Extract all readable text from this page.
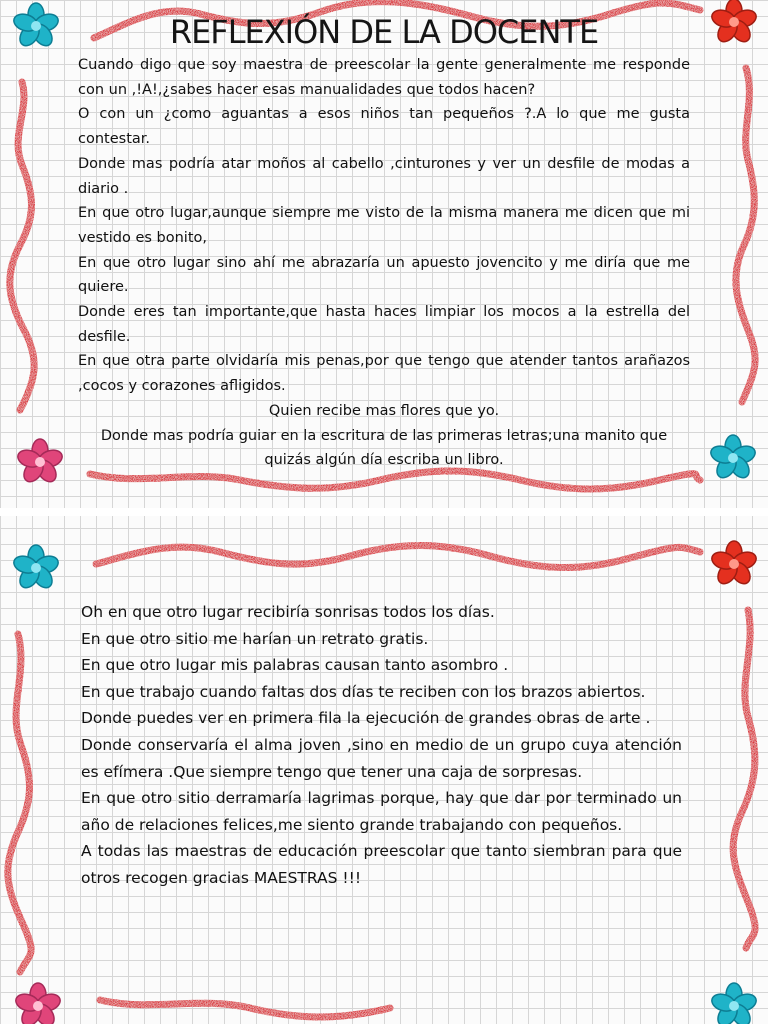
REFLEXIÓN DE LA DOCENTE

Cuando digo que soy maestra de preescolar la gente generalmente me responde con un ,!A!,¿sabes hacer esas manualidades que todos hacen?

O con un ¿como aguantas a esos niños tan pequeños ?.A lo que me gusta contestar.

Donde mas podría atar moños al cabello ,cinturones y ver un desfile de modas a diario .

En que otro lugar,aunque siempre me visto de la misma manera me dicen que mi vestido es bonito,

En que otro lugar sino ahí me abrazaría un apuesto jovencito y me diría que me quiere.

Donde eres tan importante,que hasta haces limpiar los mocos a la estrella del desfile.

En que otra parte olvidaría mis penas,por que tengo que atender tantos arañazos ,cocos y corazones afligidos.

Quien recibe mas flores que yo.

Donde mas podría guiar en la escritura de las primeras letras;una manito que quizás algún día escriba un libro.

Oh en que otro lugar recibiría sonrisas todos los días.

En que otro sitio me harían un retrato gratis.

En que otro lugar mis palabras causan tanto asombro .

En que trabajo cuando faltas dos días te reciben con los brazos abiertos.

Donde puedes ver en primera fila la ejecución de grandes obras de arte .

Donde conservaría el alma joven ,sino en medio de un grupo cuya atención es efímera .Que siempre tengo que tener una caja de sorpresas.

En que otro sitio derramaría lagrimas porque, hay que dar por terminado un año de relaciones felices,me siento grande trabajando con pequeños.

A todas las maestras de educación preescolar que tanto siembran para que otros recogen gracias MAESTRAS !!!
